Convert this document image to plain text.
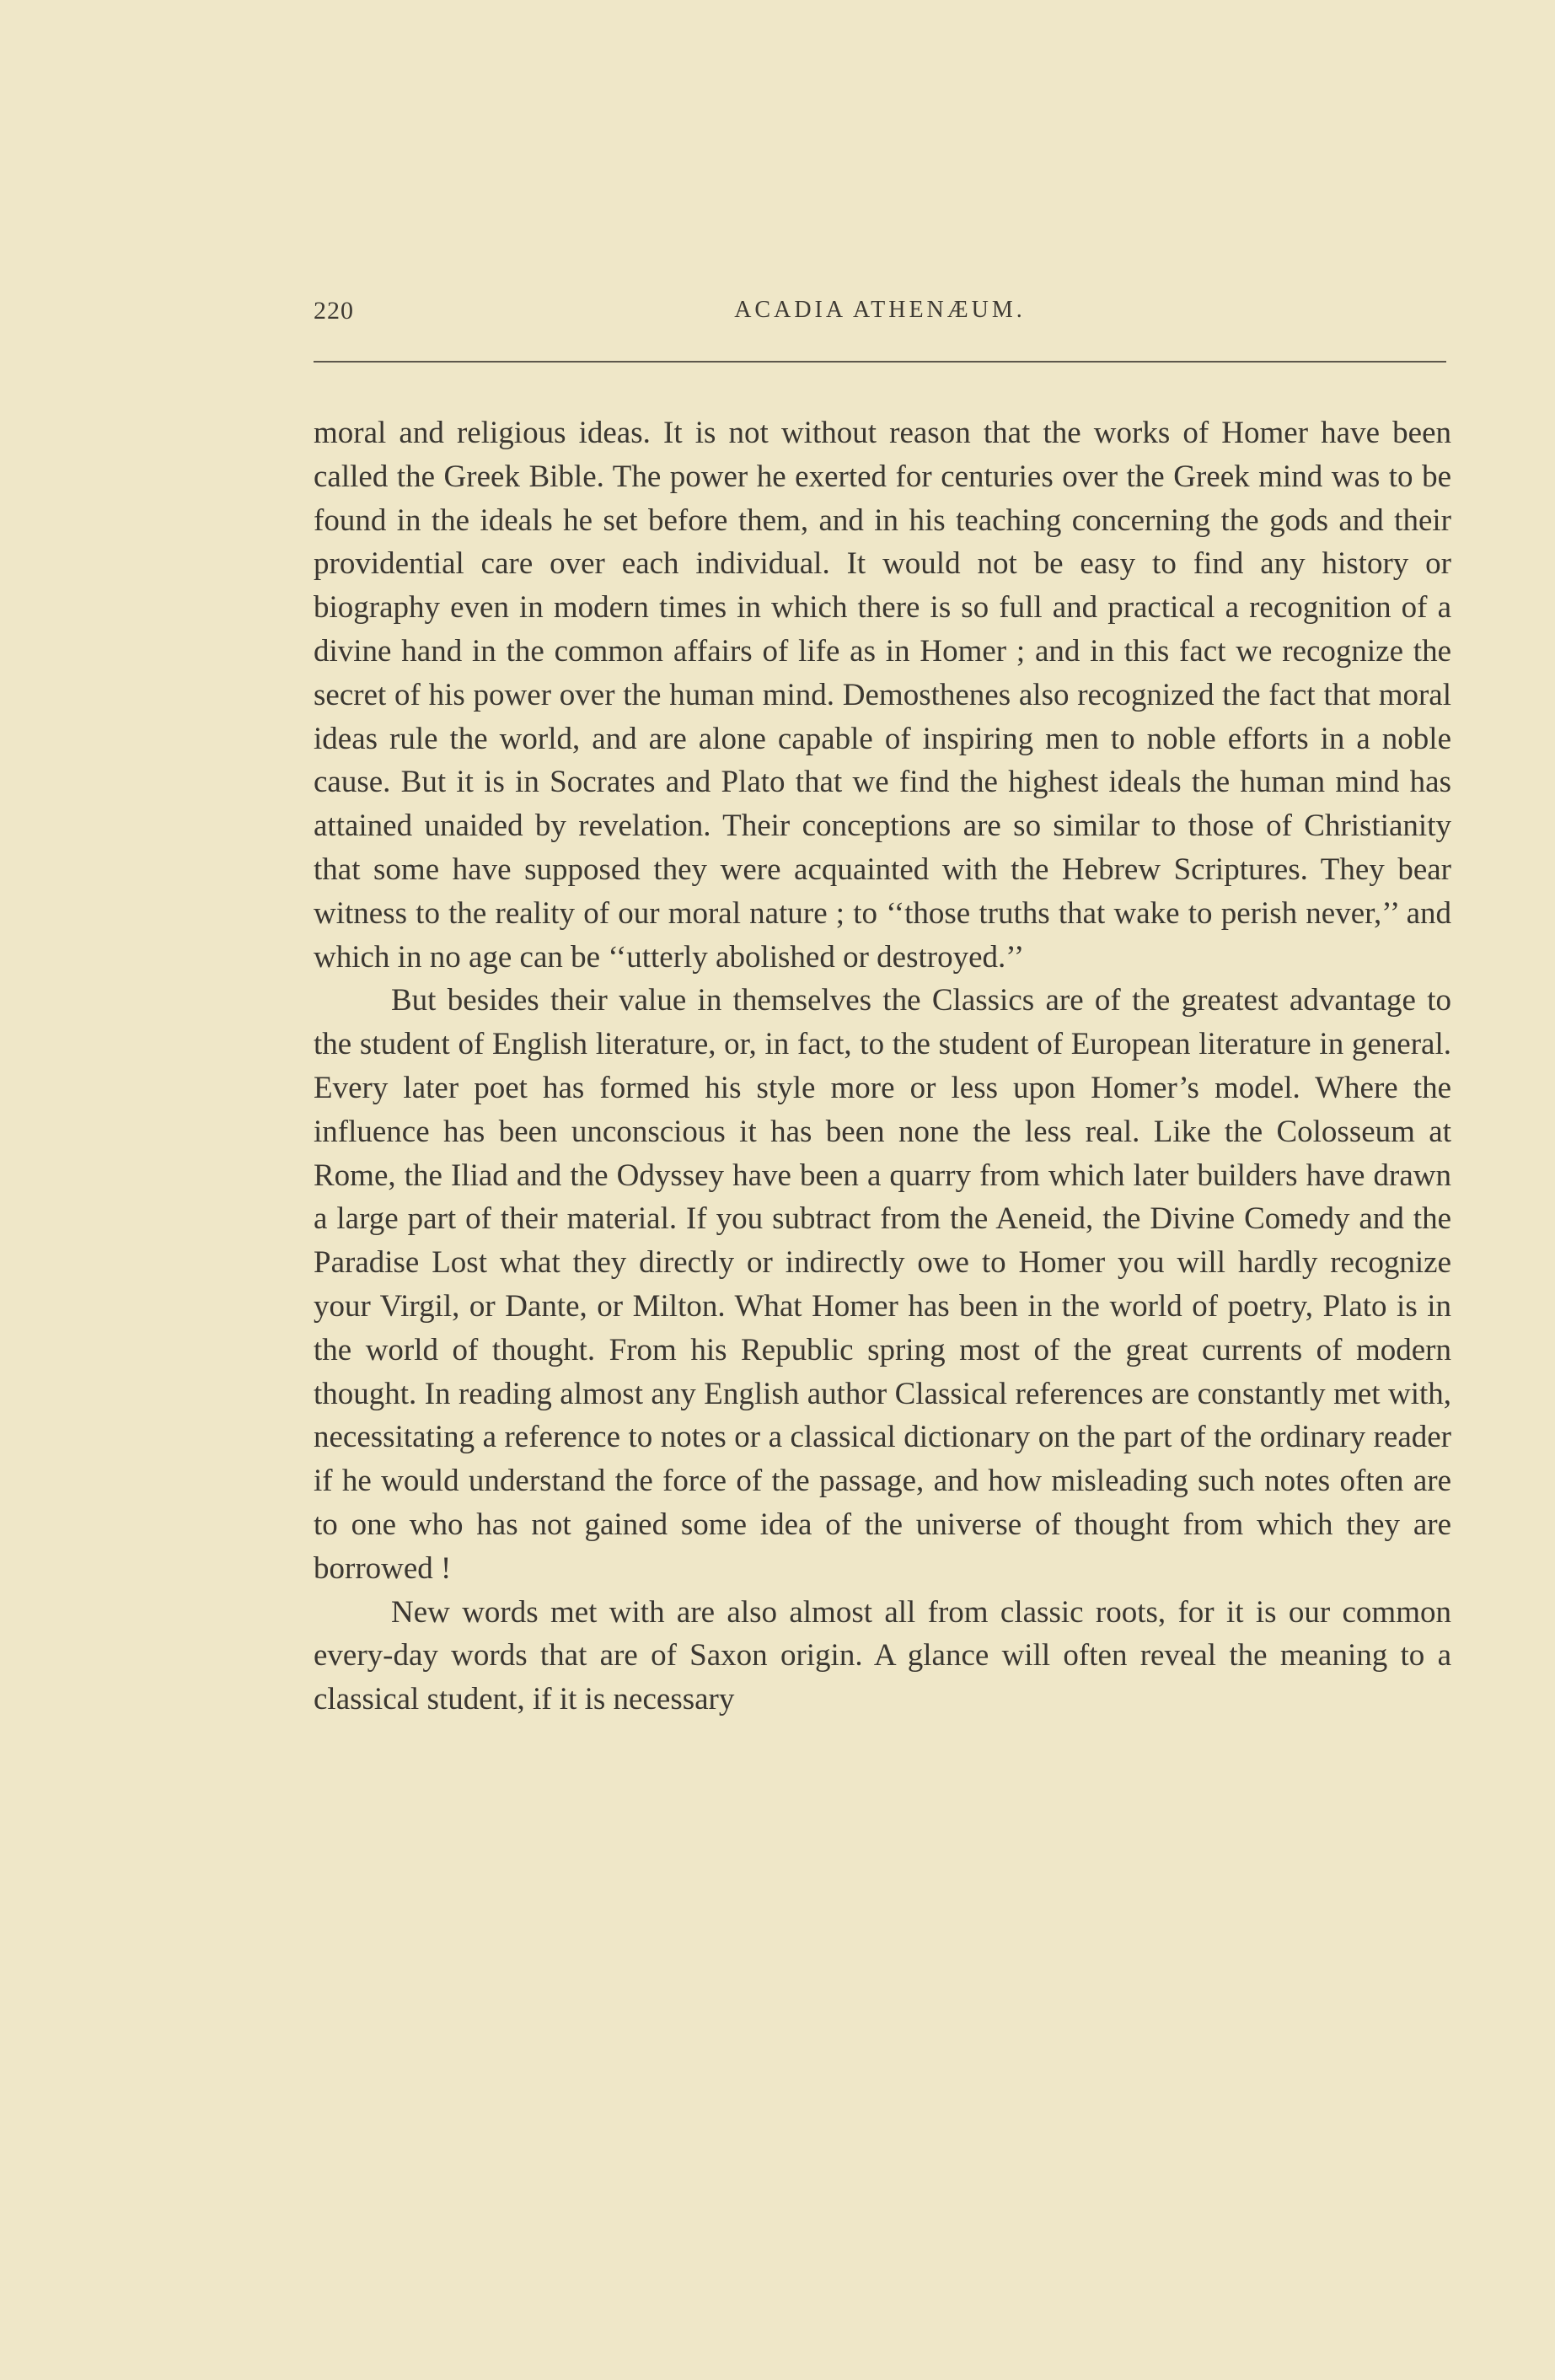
220	ACADIA ATHENÆUM.

moral and religious ideas. It is not without reason that the works of Homer have been called the Greek Bible. The power he exerted for centuries over the Greek mind was to be found in the ideals he set before them, and in his teaching concerning the gods and their providential care over each individual. It would not be easy to find any history or biography even in modern times in which there is so full and practical a recognition of a divine hand in the common affairs of life as in Homer ; and in this fact we recognize the secret of his power over the human mind. Demosthenes also recognized the fact that moral ideas rule the world, and are alone capable of inspiring men to noble efforts in a noble cause. But it is in Socrates and Plato that we find the highest ideals the human mind has attained unaided by revelation. Their conceptions are so similar to those of Christianity that some have supposed they were acquainted with the Hebrew Scriptures. They bear witness to the reality of our moral nature ; to ‘‘those truths that wake to perish never,’’ and which in no age can be ‘‘utterly abolished or destroyed.’’

But besides their value in themselves the Classics are of the greatest advantage to the student of English literature, or, in fact, to the student of European literature in general. Every later poet has formed his style more or less upon Homer’s model. Where the influence has been unconscious it has been none the less real. Like the Colosseum at Rome, the Iliad and the Odyssey have been a quarry from which later builders have drawn a large part of their material. If you subtract from the Aeneid, the Divine Comedy and the Paradise Lost what they directly or indirectly owe to Homer you will hardly recognize your Virgil, or Dante, or Milton. What Homer has been in the world of poetry, Plato is in the world of thought. From his Republic spring most of the great currents of modern thought. In reading almost any English author Classical references are constantly met with, necessitating a reference to notes or a classical dictionary on the part of the ordinary reader if he would understand the force of the passage, and how misleading such notes often are to one who has not gained some idea of the universe of thought from which they are borrowed !

New words met with are also almost all from classic roots, for it is our common every-day words that are of Saxon origin. A glance will often reveal the meaning to a classical student, if it is necessary
